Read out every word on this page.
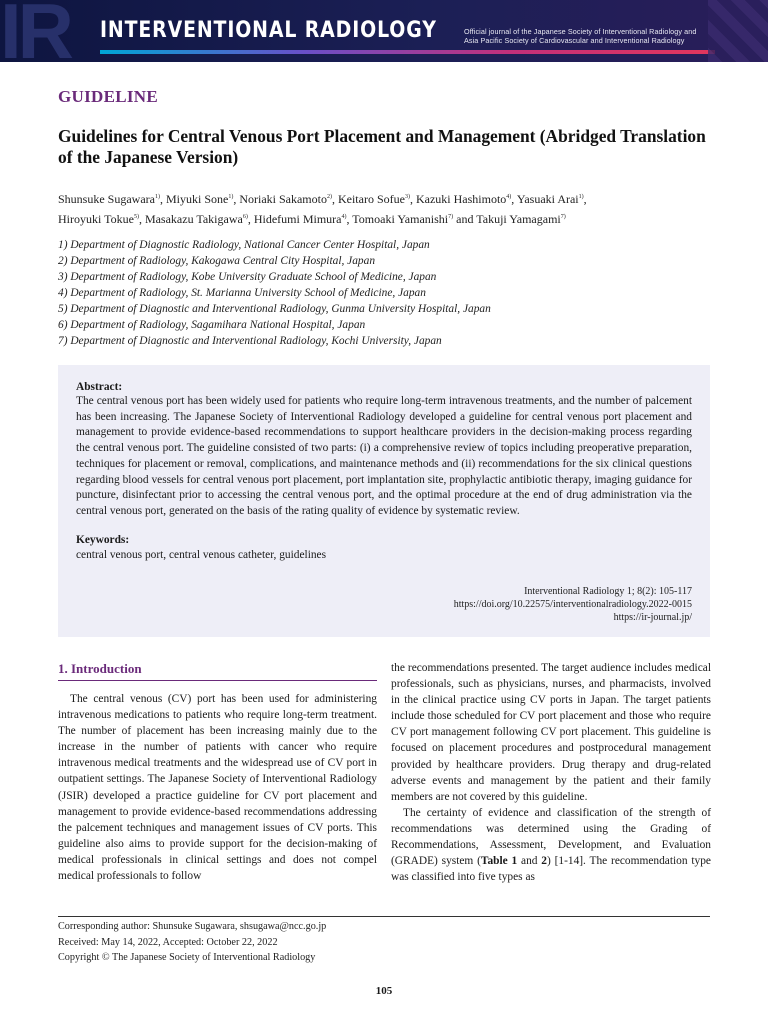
IR	INTERVENTIONAL RADIOLOGY	Official journal of the Japanese Society of Interventional Radiology and
Asia Pacific Society of Cardiovascular and Interventional Radiology
GUIDELINE
Guidelines for Central Venous Port Placement and Management (Abridged Translation of the Japanese Version)
Shunsuke Sugawara$^{1)}$, Miyuki Sone$^{1)}$, Noriaki Sakamoto$^{2)}$, Keitaro Sofue$^{3)}$, Kazuki Hashimoto$^{4)}$, Yasuaki Arai$^{1)}$,
Hiroyuki Tokue$^{5)}$, Masakazu Takigawa$^{6)}$, Hidefumi Mimura$^{4)}$, Tomoaki Yamanishi$^{7)}$ and Takuji Yamagami$^{7)}$
1) Department of Diagnostic Radiology, National Cancer Center Hospital, Japan
2) Department of Radiology, Kakogawa Central City Hospital, Japan
3) Department of Radiology, Kobe University Graduate School of Medicine, Japan
4) Department of Radiology, St. Marianna University School of Medicine, Japan
5) Department of Diagnostic and Interventional Radiology, Gunma University Hospital, Japan
6) Department of Radiology, Sagamihara National Hospital, Japan
7) Department of Diagnostic and Interventional Radiology, Kochi University, Japan
Abstract:

The central venous port has been widely used for patients who require long-term intravenous treatments, and the number of palcement has been increasing. The Japanese Society of Interventional Radiology developed a guideline for central venous port placement and management to provide evidence-based recommendations to support healthcare providers in the decision-making process regarding the central venous port. The guideline consisted of two parts: (i) a comprehensive review of topics including preoperative preparation, techniques for placement or removal, complications, and maintenance methods and (ii) recommendations for the six clinical questions regarding blood vessels for central venous port placement, port implantation site, prophylactic antibiotic therapy, imaging guidance for puncture, disinfectant prior to accessing the central venous port, and the optimal procedure at the end of drug administration via the central venous port, generated on the basis of the rating quality of evidence by systematic review.

Keywords:
central venous port, central venous catheter, guidelines
Interventional Radiology 1; 8(2): 105-117
https://doi.org/10.22575/interventionalradiology.2022-0015
https://ir-journal.jp/
1. Introduction

The central venous (CV) port has been used for administering intravenous medications to patients who require long-term treatment. The number of placement has been increasing mainly due to the increase in the number of patients with cancer who require intravenous medical treatments and the widespread use of CV port in outpatient settings. The Japanese Society of Interventional Radiology (JSIR) developed a practice guideline for CV port placement and management to provide evidence-based recommendations addressing the palcement techniques and management issues of CV ports. This guideline also aims to provide support for the decision-making of medical professionals in clinical settings and does not compel medical professionals to follow

the recommendations presented. The target audience includes medical professionals, such as physicians, nurses, and pharmacists, involved in the clinical practice using CV ports in Japan. The target patients include those scheduled for CV port placement and those who require CV port management following CV port placement. This guideline is focused on placement procedures and postprocedural management provided by healthcare providers. Drug therapy and drug-related adverse events and management by the patient and their family members are not covered by this guideline.

The certainty of evidence and classification of the strength of recommendations was determined using the Grading of Recommendations, Assessment, Development, and Evaluation (GRADE) system (Table 1 and 2) [1-14]. The recommendation type was classified into five types as

Corresponding author: Shunsuke Sugawara, shsugawa@ncc.go.jp
Received: May 14, 2022, Accepted: October 22, 2022
Copyright © The Japanese Society of Interventional Radiology
105
